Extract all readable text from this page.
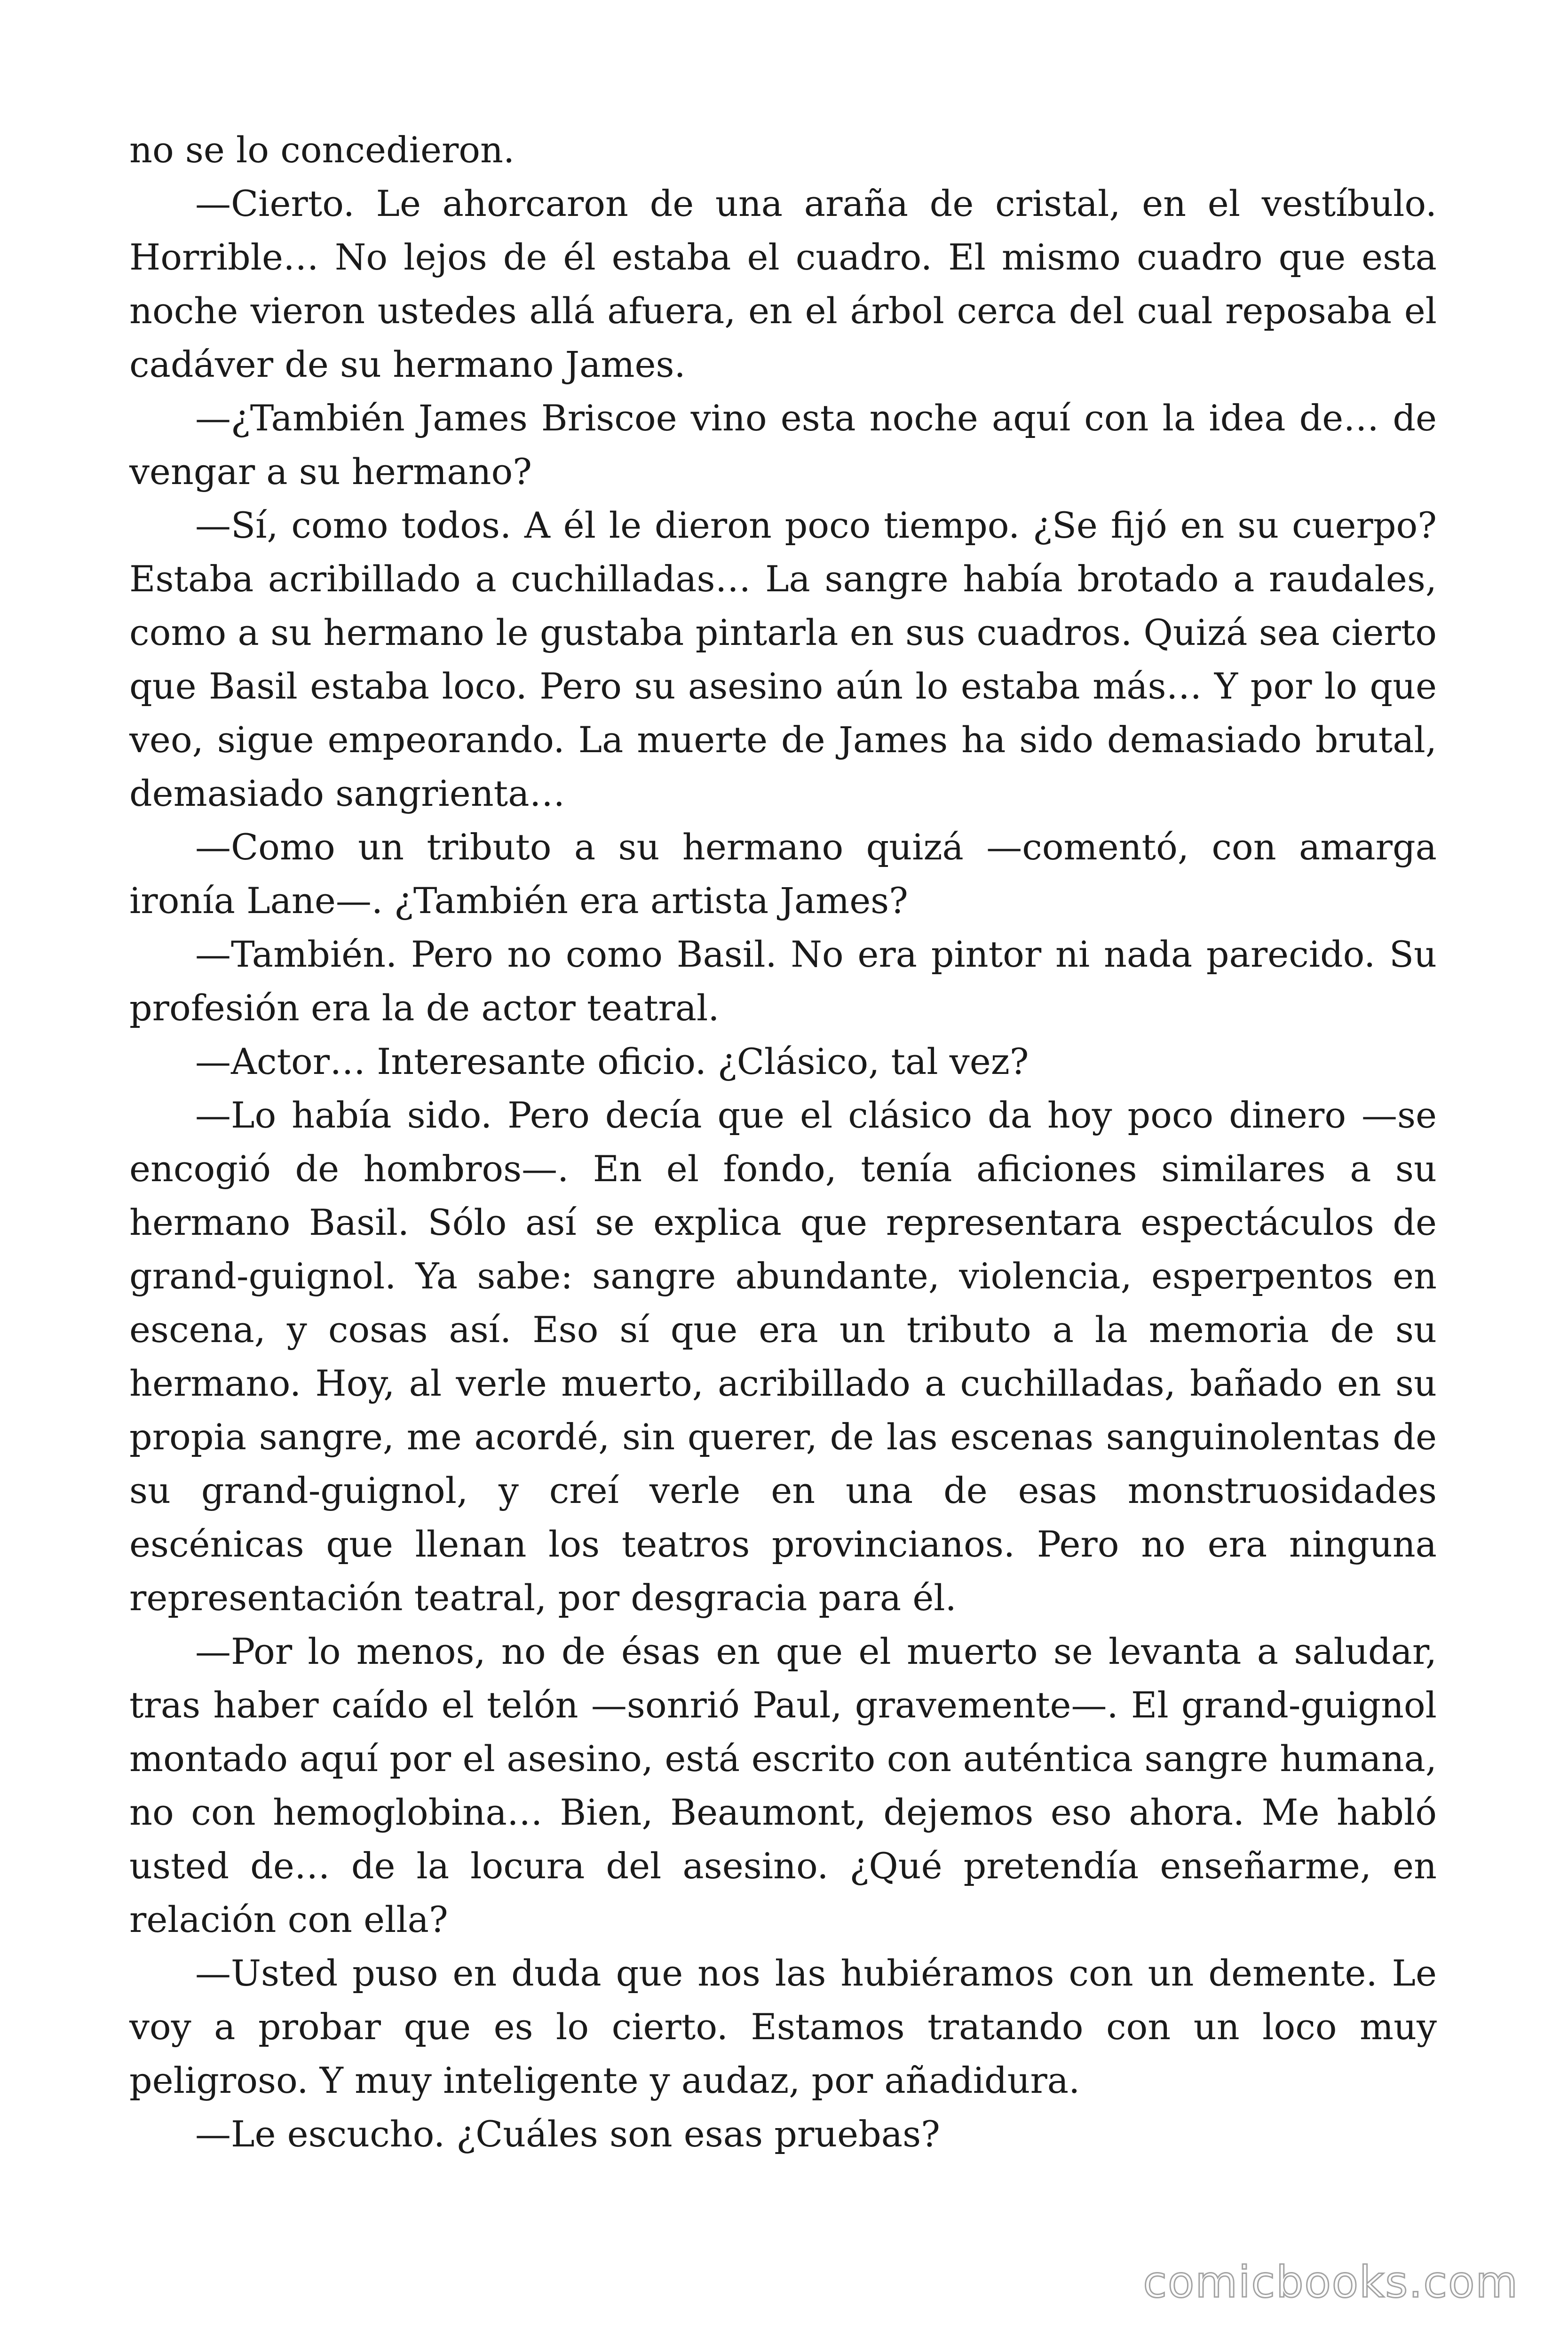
no se lo concedieron.

—Cierto. Le ahorcaron de una araña de cristal, en el vestíbulo. Horrible… No lejos de él estaba el cuadro. El mismo cuadro que esta noche vieron ustedes allá afuera, en el árbol cerca del cual reposaba el cadáver de su hermano James.

—¿También James Briscoe vino esta noche aquí con la idea de… de vengar a su hermano?

—Sí, como todos. A él le dieron poco tiempo. ¿Se fijó en su cuerpo? Estaba acribillado a cuchilladas… La sangre había brotado a raudales, como a su hermano le gustaba pintarla en sus cuadros. Quizá sea cierto que Basil estaba loco. Pero su asesino aún lo estaba más… Y por lo que veo, sigue empeorando. La muerte de James ha sido demasiado brutal, demasiado sangrienta…

—Como un tributo a su hermano quizá —comentó, con amarga ironía Lane—. ¿También era artista James?

—También. Pero no como Basil. No era pintor ni nada parecido. Su profesión era la de actor teatral.

—Actor… Interesante oficio. ¿Clásico, tal vez?

—Lo había sido. Pero decía que el clásico da hoy poco dinero —se encogió de hombros—. En el fondo, tenía aficiones similares a su hermano Basil. Sólo así se explica que representara espectáculos de grand-guignol. Ya sabe: sangre abundante, violencia, esperpentos en escena, y cosas así. Eso sí que era un tributo a la memoria de su hermano. Hoy, al verle muerto, acribillado a cuchilladas, bañado en su propia sangre, me acordé, sin querer, de las escenas sanguinolentas de su grand-guignol, y creí verle en una de esas monstruosidades escénicas que llenan los teatros provincianos. Pero no era ninguna representación teatral, por desgracia para él.

—Por lo menos, no de ésas en que el muerto se levanta a saludar, tras haber caído el telón —sonrió Paul, gravemente—. El grand-guignol montado aquí por el asesino, está escrito con auténtica sangre humana, no con hemoglobina… Bien, Beaumont, dejemos eso ahora. Me habló usted de… de la locura del asesino. ¿Qué pretendía enseñarme, en relación con ella?

—Usted puso en duda que nos las hubiéramos con un demente. Le voy a probar que es lo cierto. Estamos tratando con un loco muy peligroso. Y muy inteligente y audaz, por añadidura.

—Le escucho. ¿Cuáles son esas pruebas?

comicbooks.com
